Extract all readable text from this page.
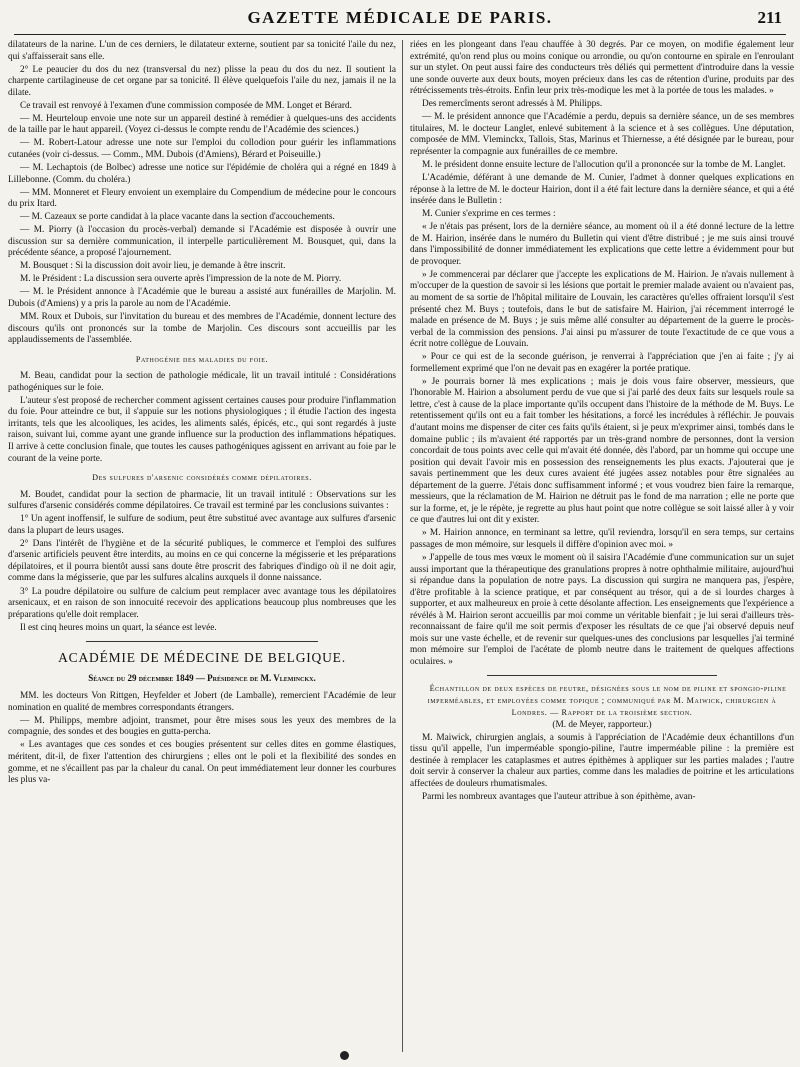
GAZETTE MÉDICALE DE PARIS.	211

dilatateurs de la narine. L'un de ces derniers, le dilatateur externe, soutient par sa tonicité l'aile du nez, qui s'affaisserait sans elle.

2° Le peaucier du dos du nez (transversal du nez) plisse la peau du dos du nez. Il soutient la charpente cartilagineuse de cet organe par sa tonicité. Il élève quelquefois l'aile du nez, jamais il ne la dilate.

Ce travail est renvoyé à l'examen d'une commission composée de MM. Longet et Bérard.

— M. Heurteloup envoie une note sur un appareil destiné à remédier à quelques-uns des accidents de la taille par le haut appareil. (Voyez ci-dessus le compte rendu de l'Académie des sciences.)

— M. Robert-Latour adresse une note sur l'emploi du collodion pour guérir les inflammations cutanées (voir ci-dessus. — Comm., MM. Dubois (d'Amiens), Bérard et Poiseuille.)

— M. Lechaptois (de Bolbec) adresse une notice sur l'épidémie de choléra qui a régné en 1849 à Lillebonne. (Comm. du choléra.)

— MM. Monneret et Fleury envoient un exemplaire du Compendium de médecine pour le concours du prix Itard.

— M. Cazeaux se porte candidat à la place vacante dans la section d'accouchements.

— M. Piorry (à l'occasion du procès-verbal) demande si l'Académie est disposée à ouvrir une discussion sur sa dernière communication, il interpelle particulièrement M. Bousquet, qui, dans la précédente séance, a proposé l'ajournement.

M. Bousquet : Si la discussion doit avoir lieu, je demande à être inscrit.

M. le Président : La discussion sera ouverte après l'impression de la note de M. Piorry.

— M. le Président annonce à l'Académie que le bureau a assisté aux funérailles de Marjolin. M. Dubois (d'Amiens) y a pris la parole au nom de l'Académie.

MM. Roux et Dubois, sur l'invitation du bureau et des membres de l'Académie, donnent lecture des discours qu'ils ont prononcés sur la tombe de Marjolin. Ces discours sont accueillis par les applaudissements de l'assemblée.

Pathogénie des maladies du foie.

M. Beau, candidat pour la section de pathologie médicale, lit un travail intitulé : Considérations pathogéniques sur le foie.

L'auteur s'est proposé de rechercher comment agissent certaines causes pour produire l'inflammation du foie. Pour atteindre ce but, il s'appuie sur les notions physiologiques ; il étudie l'action des ingesta irritants, tels que les alcooliques, les acides, les aliments salés, épicés, etc., qui sont regardés à juste raison, suivant lui, comme ayant une grande influence sur la production des inflammations hépatiques. Il arrive à cette conclusion finale, que toutes les causes pathogéniques agissent en arrivant au foie par le courant de la veine porte.

Des sulfures d'arsenic considérés comme dépilatoires.

M. Boudet, candidat pour la section de pharmacie, lit un travail intitulé : Observations sur les sulfures d'arsenic considérés comme dépilatoires. Ce travail est terminé par les conclusions suivantes :

1° Un agent inoffensif, le sulfure de sodium, peut être substitué avec avantage aux sulfures d'arsenic dans la plupart de leurs usages.

2° Dans l'intérêt de l'hygiène et de la sécurité publiques, le commerce et l'emploi des sulfures d'arsenic artificiels peuvent être interdits, au moins en ce qui concerne la mégisserie et les préparations dépilatoires, et il pourra bientôt aussi sans doute être proscrit des fabriques d'indigo où il ne doit agir, comme dans la mégisserie, que par les sulfures alcalins auxquels il donne naissance.

3° La poudre dépilatoire ou sulfure de calcium peut remplacer avec avantage tous les dépilatoires arsenicaux, et en raison de son innocuité recevoir des applications beaucoup plus nombreuses que les préparations qu'elle doit remplacer.

Il est cinq heures moins un quart, la séance est levée.

ACADÉMIE DE MÉDECINE DE BELGIQUE.
Séance du 29 décembre 1849 — Présidence de M. Vleminckx.

MM. les docteurs Von Rittgen, Heyfelder et Jobert (de Lamballe), remercient l'Académie de leur nomination en qualité de membres correspondants étrangers.

— M. Philipps, membre adjoint, transmet, pour être mises sous les yeux des membres de la compagnie, des sondes et des bougies en gutta-percha.

« Les avantages que ces sondes et ces bougies présentent sur celles dites en gomme élastiques, méritent, dit-il, de fixer l'attention des chirurgiens ; elles ont le poli et la flexibilité des sondes en gomme, et ne s'écaillent pas par la chaleur du canal. On peut immédiatement leur donner les courbures les plus va-

riées en les plongeant dans l'eau chauffée à 30 degrés. Par ce moyen, on modifie également leur extrémité, qu'on rend plus ou moins conique ou arrondie, ou qu'on contourne en spirale en l'enroulant sur un stylet. On peut aussi faire des conducteurs très déliés qui permettent d'introduire dans la vessie une sonde ouverte aux deux bouts, moyen précieux dans les cas de rétention d'urine, produits par des rétrécissements très-étroits. Enfin leur prix très-modique les met à la portée de tous les malades. »

Des remercîments seront adressés à M. Philipps.

— M. le président annonce que l'Académie a perdu, depuis sa dernière séance, un de ses membres titulaires, M. le docteur Langlet, enlevé subitement à la science et à ses collègues. Une députation, composée de MM. Vleminckx, Tallois, Stas, Marinus et Thiernesse, a été désignée par le bureau, pour représenter la compagnie aux funérailles de ce membre.

M. le président donne ensuite lecture de l'allocution qu'il a prononcée sur la tombe de M. Langlet.

L'Académie, déférant à une demande de M. Cunier, l'admet à donner quelques explications en réponse à la lettre de M. le docteur Hairion, dont il a été fait lecture dans la dernière séance, et qui a été insérée dans le Bulletin :

M. Cunier s'exprime en ces termes :

« Je n'étais pas présent, lors de la dernière séance, au moment où il a été donné lecture de la lettre de M. Hairion, insérée dans le numéro du Bulletin qui vient d'être distribué ; je me suis ainsi trouvé dans l'impossibilité de donner immédiatement les explications que cette lettre a évidemment pour but de provoquer.

» Je commencerai par déclarer que j'accepte les explications de M. Hairion. Je n'avais nullement à m'occuper de la question de savoir si les lésions que portait le premier malade avaient ou n'avaient pas, au moment de sa sortie de l'hôpital militaire de Louvain, les caractères qu'elles offraient lorsqu'il s'est présenté chez M. Buys ; toutefois, dans le but de satisfaire M. Hairion, j'ai récemment interrogé le malade en présence de M. Buys ; je suis même allé consulter au département de la guerre le procès-verbal de la commission des pensions. J'ai ainsi pu m'assurer de toute l'exactitude de ce que vous a écrit notre collègue de Louvain.

» Pour ce qui est de la seconde guérison, je renverrai à l'appréciation que j'en ai faite ; j'y ai formellement exprimé que l'on ne devait pas en exagérer la portée pratique.

» Je pourrais borner là mes explications ; mais je dois vous faire observer, messieurs, que l'honorable M. Hairion a absolument perdu de vue que si j'ai parlé des deux faits sur lesquels roule sa lettre, c'est à cause de la place importante qu'ils occupent dans l'histoire de la méthode de M. Buys. Le retentissement qu'ils ont eu a fait tomber les hésitations, a forcé les incrédules à réfléchir. Je pouvais d'autant moins me dispenser de citer ces faits qu'ils étaient, si je peux m'exprimer ainsi, tombés dans le domaine public ; ils m'avaient été rapportés par un très-grand nombre de personnes, dont la version concordait de tous points avec celle qui m'avait été donnée, dès l'abord, par un homme qui occupe une position qui devait l'avoir mis en possession des renseignements les plus exacts. J'ajouterai que je savais pertinemment que les deux cures avaient été jugées assez notables pour être signalées au département de la guerre. J'étais donc suffisamment informé ; et vous voudrez bien faire la remarque, messieurs, que la réclamation de M. Hairion ne détruit pas le fond de ma narration ; elle ne porte que sur la forme, et, je le répète, je regrette au plus haut point que notre collègue se soit laissé aller à y voir ce que d'autres lui ont dit y exister.

» M. Hairion annonce, en terminant sa lettre, qu'il reviendra, lorsqu'il en sera temps, sur certains passages de mon mémoire, sur lesquels il diffère d'opinion avec moi. »

» J'appelle de tous mes vœux le moment où il saisira l'Académie d'une communication sur un sujet aussi important que la thérapeutique des granulations propres à notre ophthalmie militaire, aujourd'hui si répandue dans la population de notre pays. La discussion qui surgira ne manquera pas, j'espère, d'être profitable à la science pratique, et par conséquent au trésor, qui a de si lourdes charges à supporter, et aux malheureux en proie à cette désolante affection. Les enseignements que l'expérience a révélés à M. Hairion seront accueillis par moi comme un véritable bienfait ; je lui serai d'ailleurs très-reconnaissant de faire qu'il me soit permis d'exposer les résultats de ce que j'ai observé depuis neuf mois sur une vaste échelle, et de revenir sur quelques-unes des conclusions par lesquelles j'ai terminé mon mémoire sur l'emploi de l'acétate de plomb neutre dans le traitement de quelques affections oculaires. »

Échantillon de deux espèces de feutre, désignées sous le nom de piline et spongio-piline imperméables, et employées comme topique ; communiqué par M. Maiwick, chirurgien à Londres. — Rapport de la troisième section.

(M. de Meyer, rapporteur.)

M. Maiwick, chirurgien anglais, a soumis à l'appréciation de l'Académie deux échantillons d'un tissu qu'il appelle, l'un imperméable spongio-piline, l'autre imperméable piline : la première est destinée à remplacer les cataplasmes et autres épithèmes à appliquer sur les parties malades ; l'autre doit servir à conserver la chaleur aux parties, comme dans les maladies de poitrine et les articulations affectées de douleurs rhumatismales.

Parmi les nombreux avantages que l'auteur attribue à son épithème, avan-
